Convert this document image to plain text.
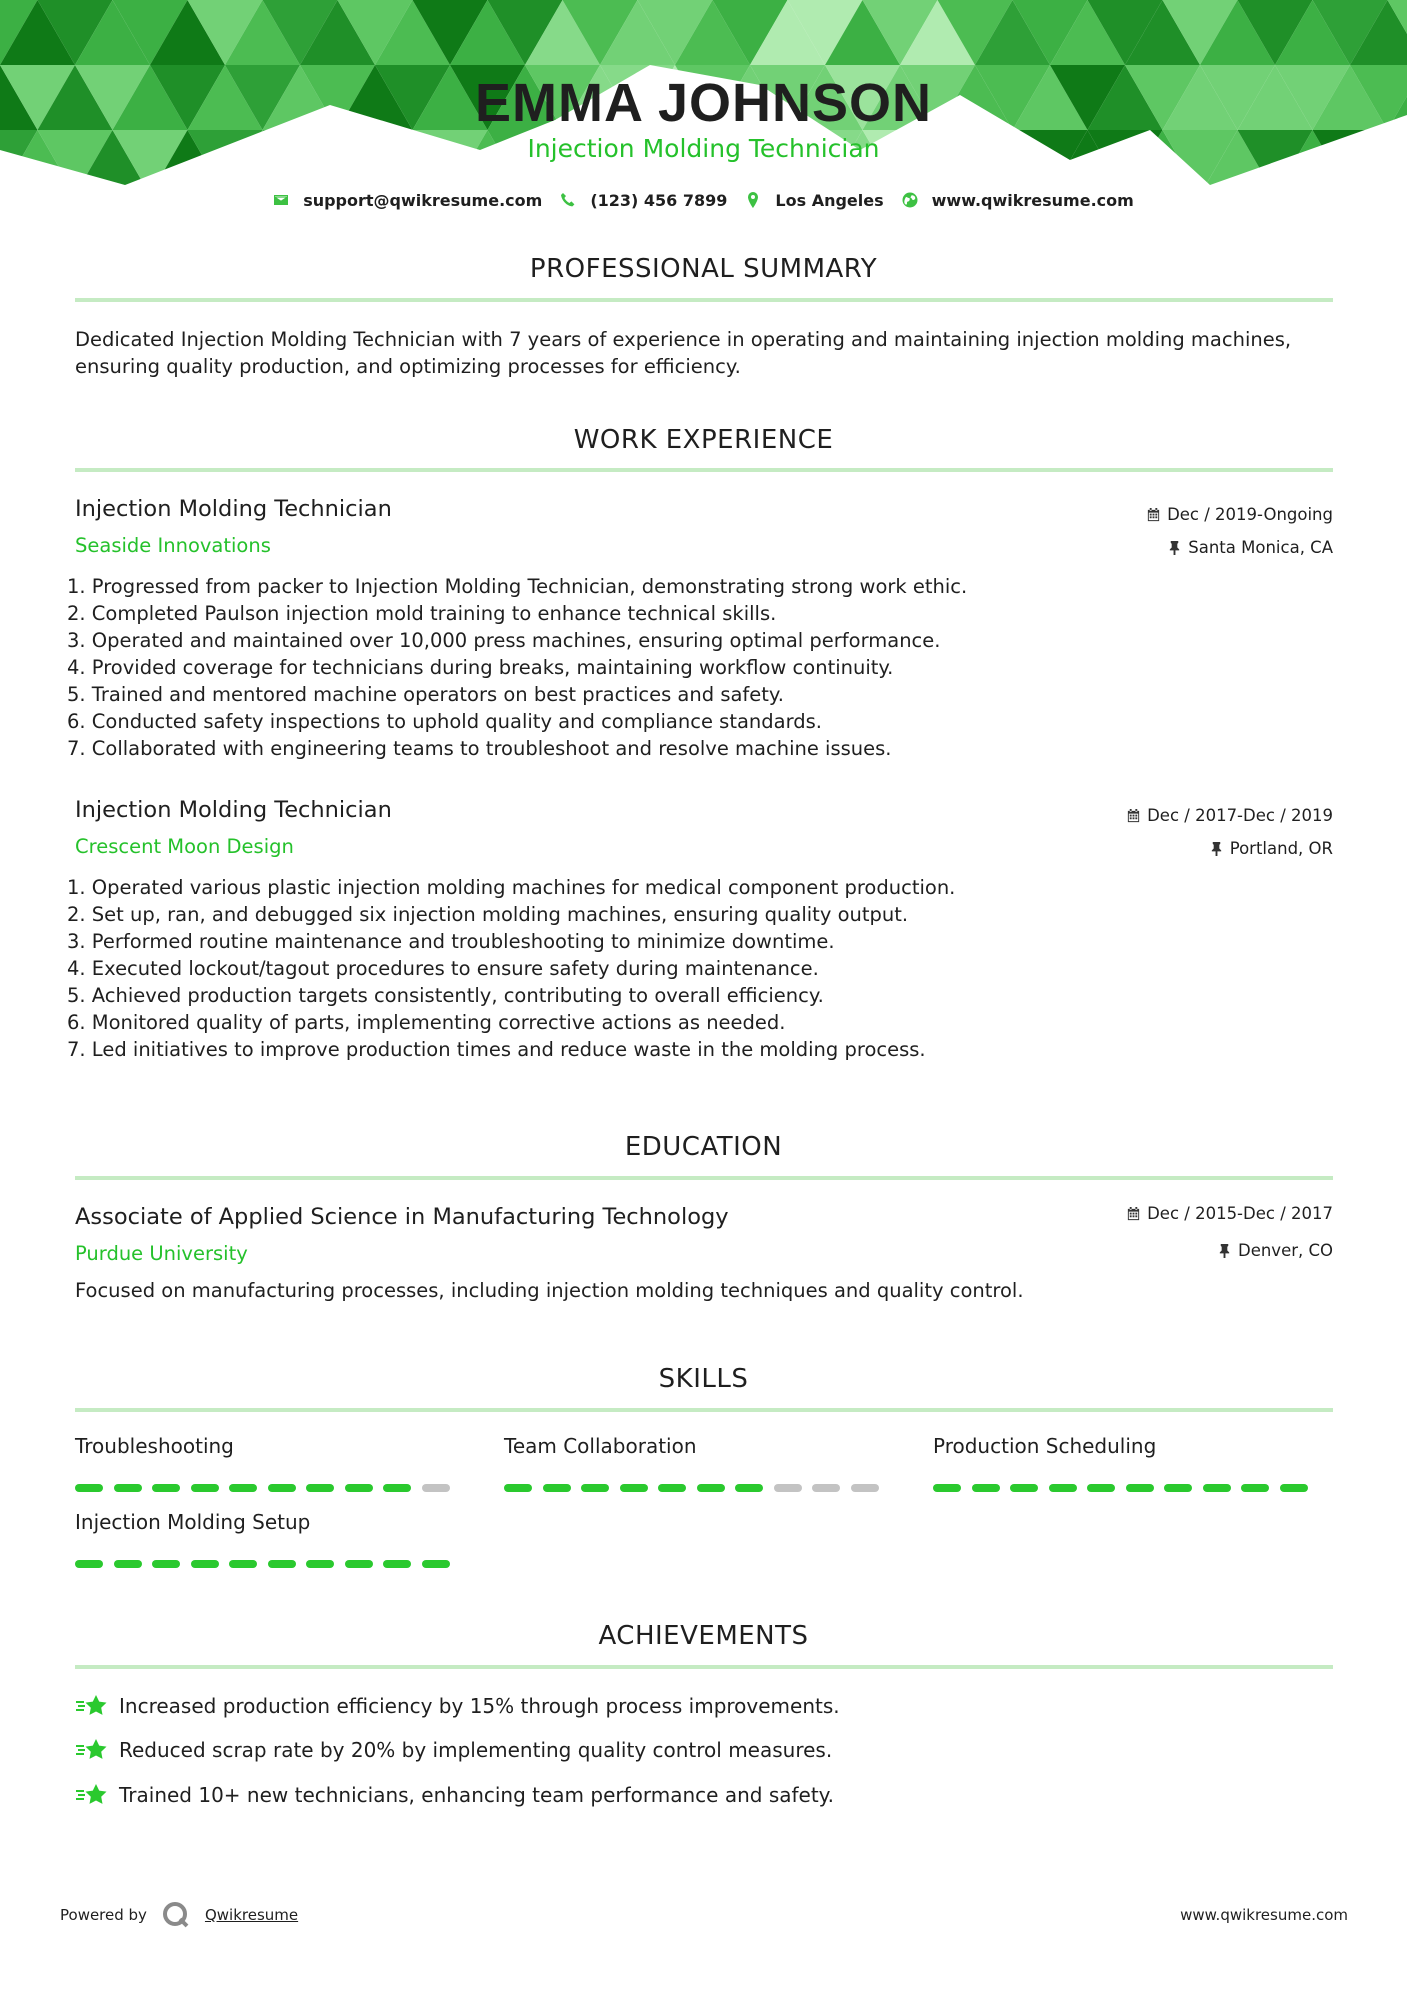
EMMA JOHNSON
Injection Molding Technician
support@qwikresume.com	(123) 456 7899	Los Angeles	www.qwikresume.com
PROFESSIONAL SUMMARY
Dedicated Injection Molding Technician with 7 years of experience in operating and maintaining injection molding machines, ensuring quality production, and optimizing processes for efficiency.
WORK EXPERIENCE
Injection Molding Technician	Dec / 2019-Ongoing
Seaside Innovations	Santa Monica, CA
1. Progressed from packer to Injection Molding Technician, demonstrating strong work ethic.
2. Completed Paulson injection mold training to enhance technical skills.
3. Operated and maintained over 10,000 press machines, ensuring optimal performance.
4. Provided coverage for technicians during breaks, maintaining workflow continuity.
5. Trained and mentored machine operators on best practices and safety.
6. Conducted safety inspections to uphold quality and compliance standards.
7. Collaborated with engineering teams to troubleshoot and resolve machine issues.
Injection Molding Technician	Dec / 2017-Dec / 2019
Crescent Moon Design	Portland, OR
1. Operated various plastic injection molding machines for medical component production.
2. Set up, ran, and debugged six injection molding machines, ensuring quality output.
3. Performed routine maintenance and troubleshooting to minimize downtime.
4. Executed lockout/tagout procedures to ensure safety during maintenance.
5. Achieved production targets consistently, contributing to overall efficiency.
6. Monitored quality of parts, implementing corrective actions as needed.
7. Led initiatives to improve production times and reduce waste in the molding process.
EDUCATION
Associate of Applied Science in Manufacturing Technology	Dec / 2015-Dec / 2017
Purdue University	Denver, CO
Focused on manufacturing processes, including injection molding techniques and quality control.
SKILLS
Troubleshooting	Team Collaboration	Production Scheduling
Injection Molding Setup
ACHIEVEMENTS
Increased production efficiency by 15% through process improvements.
Reduced scrap rate by 20% by implementing quality control measures.
Trained 10+ new technicians, enhancing team performance and safety.
Powered by	Qwikresume	www.qwikresume.com
